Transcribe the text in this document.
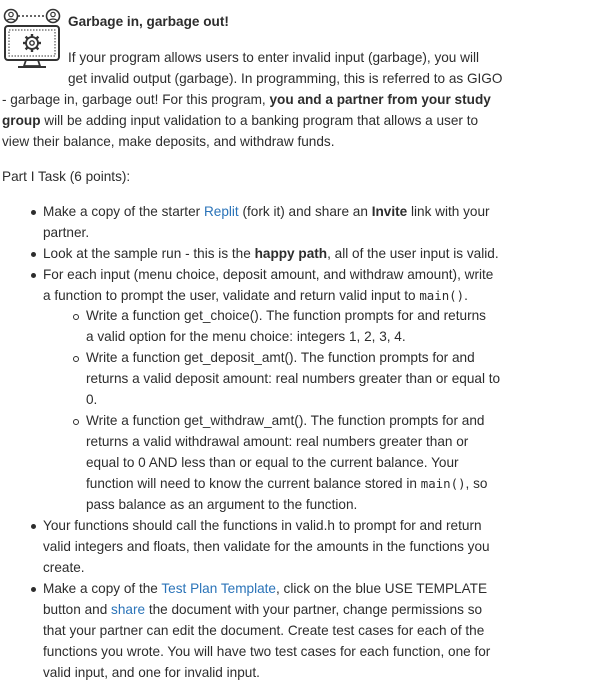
Garbage in, garbage out!
If your program allows users to enter invalid input (garbage), you will
get invalid output (garbage). In programming, this is referred to as GIGO
- garbage in, garbage out! For this program, you and a partner from your study
group will be adding input validation to a banking program that allows a user to
view their balance, make deposits, and withdraw funds.
Part I Task (6 points):
Make a copy of the starter Replit (fork it) and share an Invite link with your
partner.
Look at the sample run - this is the happy path, all of the user input is valid.
For each input (menu choice, deposit amount, and withdraw amount), write
a function to prompt the user, validate and return valid input to main().
Write a function get_choice(). The function prompts for and returns
a valid option for the menu choice: integers 1, 2, 3, 4.
Write a function get_deposit_amt(). The function prompts for and
returns a valid deposit amount: real numbers greater than or equal to
0.
Write a function get_withdraw_amt(). The function prompts for and
returns a valid withdrawal amount: real numbers greater than or
equal to 0 AND less than or equal to the current balance. Your
function will need to know the current balance stored in main(), so
pass balance as an argument to the function.
Your functions should call the functions in valid.h to prompt for and return
valid integers and floats, then validate for the amounts in the functions you
create.
Make a copy of the Test Plan Template, click on the blue USE TEMPLATE
button and share the document with your partner, change permissions so
that your partner can edit the document. Create test cases for each of the
functions you wrote. You will have two test cases for each function, one for
valid input, and one for invalid input.
